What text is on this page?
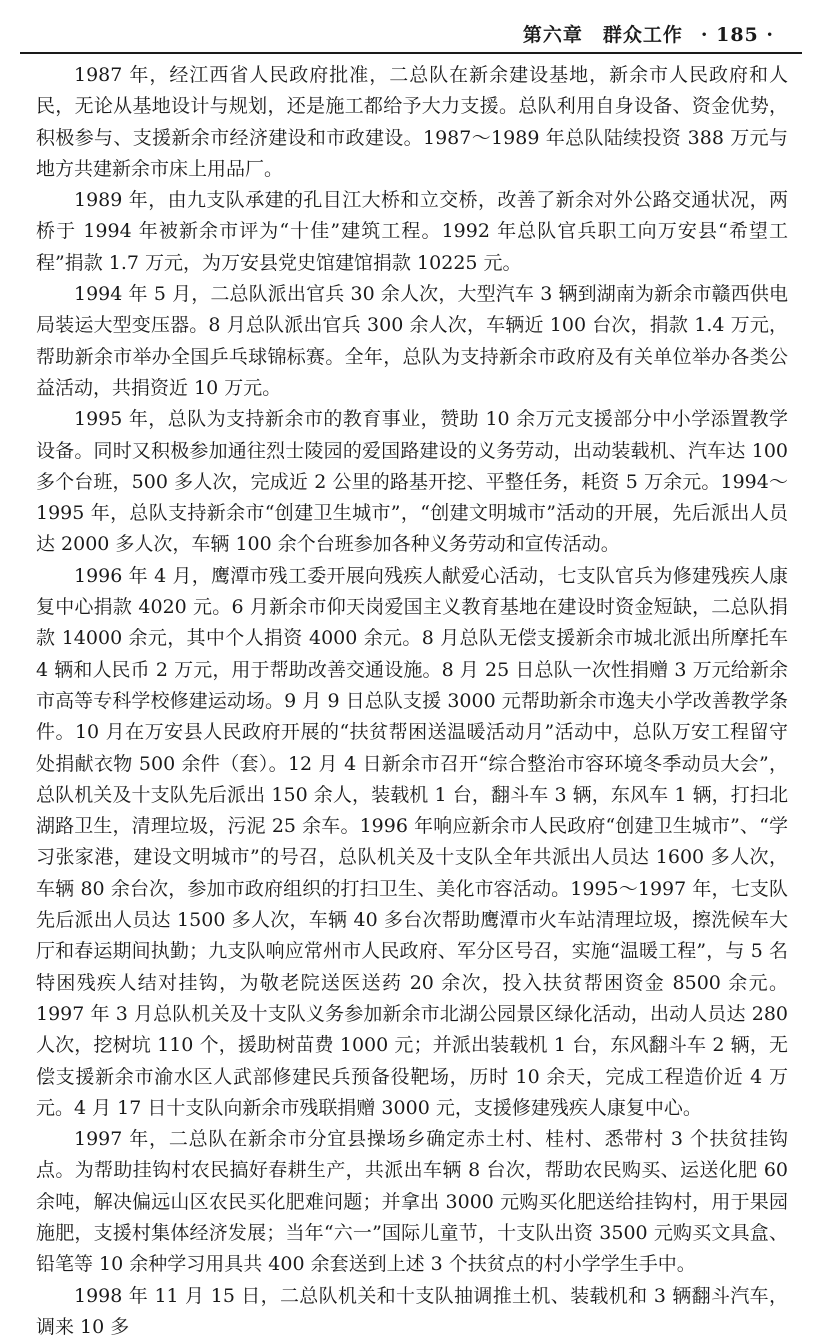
第六章　群众工作 · 185 ·

1987 年，经江西省人民政府批准，二总队在新余建设基地，新余市人民政府和人民，无论从基地设计与规划，还是施工都给予大力支援。总队利用自身设备、资金优势，积极参与、支援新余市经济建设和市政建设。1987～1989 年总队陆续投资 388 万元与地方共建新余市床上用品厂。

1989 年，由九支队承建的孔目江大桥和立交桥，改善了新余对外公路交通状况，两桥于 1994 年被新余市评为“十佳”建筑工程。1992 年总队官兵职工向万安县“希望工程”捐款 1.7 万元，为万安县党史馆建馆捐款 10225 元。

1994 年 5 月，二总队派出官兵 30 余人次，大型汽车 3 辆到湖南为新余市赣西供电局装运大型变压器。8 月总队派出官兵 300 余人次，车辆近 100 台次，捐款 1.4 万元，帮助新余市举办全国乒乓球锦标赛。全年，总队为支持新余市政府及有关单位举办各类公益活动，共捐资近 10 万元。

1995 年，总队为支持新余市的教育事业，赞助 10 余万元支援部分中小学添置教学设备。同时又积极参加通往烈士陵园的爱国路建设的义务劳动，出动装载机、汽车达 100 多个台班，500 多人次，完成近 2 公里的路基开挖、平整任务，耗资 5 万余元。1994～1995 年，总队支持新余市“创建卫生城市”，“创建文明城市”活动的开展，先后派出人员达 2000 多人次，车辆 100 余个台班参加各种义务劳动和宣传活动。

1996 年 4 月，鹰潭市残工委开展向残疾人献爱心活动，七支队官兵为修建残疾人康复中心捐款 4020 元。6 月新余市仰天岗爱国主义教育基地在建设时资金短缺，二总队捐款 14000 余元，其中个人捐资 4000 余元。8 月总队无偿支援新余市城北派出所摩托车 4 辆和人民币 2 万元，用于帮助改善交通设施。8 月 25 日总队一次性捐赠 3 万元给新余市高等专科学校修建运动场。9 月 9 日总队支援 3000 元帮助新余市逸夫小学改善教学条件。10 月在万安县人民政府开展的“扶贫帮困送温暖活动月”活动中，总队万安工程留守处捐献衣物 500 余件（套）。12 月 4 日新余市召开“综合整治市容环境冬季动员大会”，总队机关及十支队先后派出 150 余人，装载机 1 台，翻斗车 3 辆，东风车 1 辆，打扫北湖路卫生，清理垃圾，污泥 25 余车。1996 年响应新余市人民政府“创建卫生城市”、“学习张家港，建设文明城市”的号召，总队机关及十支队全年共派出人员达 1600 多人次，车辆 80 余台次，参加市政府组织的打扫卫生、美化市容活动。1995～1997 年，七支队先后派出人员达 1500 多人次，车辆 40 多台次帮助鹰潭市火车站清理垃圾，擦洗候车大厅和春运期间执勤；九支队响应常州市人民政府、军分区号召，实施“温暖工程”，与 5 名特困残疾人结对挂钩，为敬老院送医送药 20 余次，投入扶贫帮困资金 8500 余元。1997 年 3 月总队机关及十支队义务参加新余市北湖公园景区绿化活动，出动人员达 280 人次，挖树坑 110 个，援助树苗费 1000 元；并派出装载机 1 台，东风翻斗车 2 辆，无偿支援新余市渝水区人武部修建民兵预备役靶场，历时 10 余天，完成工程造价近 4 万元。4 月 17 日十支队向新余市残联捐赠 3000 元，支援修建残疾人康复中心。

1997 年，二总队在新余市分宜县操场乡确定赤土村、桂村、悉带村 3 个扶贫挂钩点。为帮助挂钩村农民搞好春耕生产，共派出车辆 8 台次，帮助农民购买、运送化肥 60 余吨，解决偏远山区农民买化肥难问题；并拿出 3000 元购买化肥送给挂钩村，用于果园施肥，支援村集体经济发展；当年“六一”国际儿童节，十支队出资 3500 元购买文具盒、铅笔等 10 余种学习用具共 400 余套送到上述 3 个扶贫点的村小学学生手中。

1998 年 11 月 15 日，二总队机关和十支队抽调推土机、装载机和 3 辆翻斗汽车，调来 10 多
